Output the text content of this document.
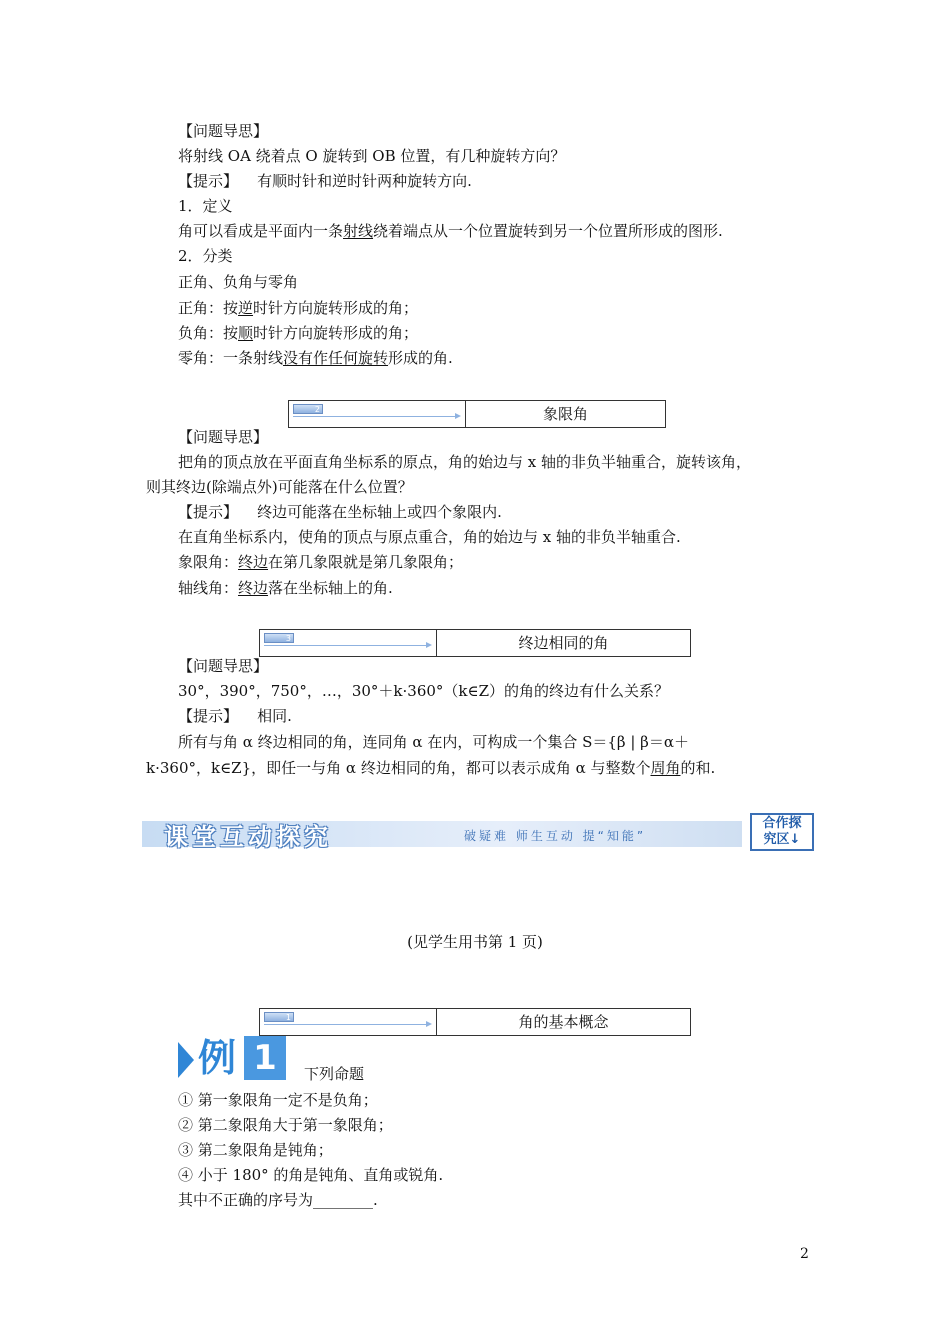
【问题导思】
将射线 OA 绕着点 O 旋转到 OB 位置，有几种旋转方向？
【提示】 有顺时针和逆时针两种旋转方向.
1．定义
角可以看成是平面内一条射线绕着端点从一个位置旋转到另一个位置所形成的图形.
2．分类
正角、负角与零角
正角：按逆时针方向旋转形成的角；
负角：按顺时针方向旋转形成的角；
零角：一条射线没有作任何旋转形成的角.
2	象限角
【问题导思】
把角的顶点放在平面直角坐标系的原点，角的始边与 x 轴的非负半轴重合，旋转该角，
则其终边(除端点外)可能落在什么位置？
【提示】 终边可能落在坐标轴上或四个象限内.
在直角坐标系内，使角的顶点与原点重合，角的始边与 x 轴的非负半轴重合.
象限角：终边在第几象限就是第几象限角；
轴线角：终边落在坐标轴上的角.
3	终边相同的角
【问题导思】
30°，390°，750°，…，30°＋k·360°（k∈Z）的角的终边有什么关系？
【提示】 相同.
所有与角 α 终边相同的角，连同角 α 在内，可构成一个集合 S＝{β | β＝α＋
k·360°，k∈Z}，即任一与角 α 终边相同的角，都可以表示成角 α 与整数个周角的和.
课堂互动探究	破疑难 师生互动 提“知能”
合作探
究区↓
(见学生用书第 1 页)
1	角的基本概念
例 1	下列命题
① 第一象限角一定不是负角；
② 第二象限角大于第一象限角；
③ 第二象限角是钝角；
④ 小于 180° 的角是钝角、直角或锐角.
其中不正确的序号为________.
2
